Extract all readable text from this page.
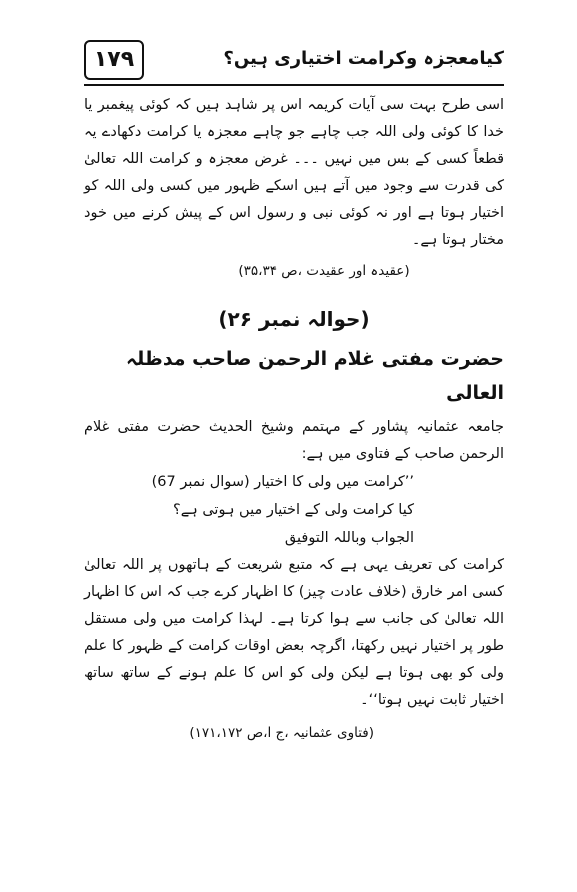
۱۷۹	کیامعجزہ وکرامت اختیاری ہیں؟

اسی طرح بہت سی آیات کریمہ اس پر شاہد ہیں کہ کوئی پیغمبر یا خدا کا کوئی ولی اللہ جب چاہے جو چاہے معجزہ یا کرامت دکھادے یہ قطعاً کسی کے بس میں نہیں ۔۔۔ غرض معجزہ و کرامت اللہ تعالیٰ کی قدرت سے وجود میں آتے ہیں اسکے ظہور میں کسی ولی اللہ کو اختیار ہوتا ہے اور نہ کوئی نبی و رسول اس کے پیش کرنے میں خود مختار ہوتا ہے۔

(عقیدہ اور عقیدت ،ص ۳۵،۳۴)

(حوالہ نمبر ۲۶)
حضرت مفتی غلام الرحمن صاحب مدظلہ العالی

جامعہ عثمانیہ پشاور کے مہتمم وشیخ الحدیث حضرت مفتی غلام الرحمن صاحب کے فتاوی میں ہے:

’’کرامت میں ولی کا اختیار (سوال نمبر 67)

کیا کرامت ولی کے اختیار میں ہوتی ہے؟

الجواب وباللہ التوفیق

کرامت کی تعریف یہی ہے کہ متبع شریعت کے ہاتھوں پر اللہ تعالیٰ کسی امر خارق (خلاف عادت چیز) کا اظہار کرے جب کہ اس کا اظہار اللہ تعالیٰ کی جانب سے ہوا کرتا ہے۔ لہذا کرامت میں ولی مستقل طور پر اختیار نہیں رکھتا، اگرچہ بعض اوقات کرامت کے ظہور کا علم ولی کو بھی ہوتا ہے لیکن ولی کو اس کا علم ہونے کے ساتھ ساتھ اختیار ثابت نہیں ہوتا‘‘۔

(فتاوی عثمانیہ ،ج ا،ص ۱۷۱،۱۷۲)
